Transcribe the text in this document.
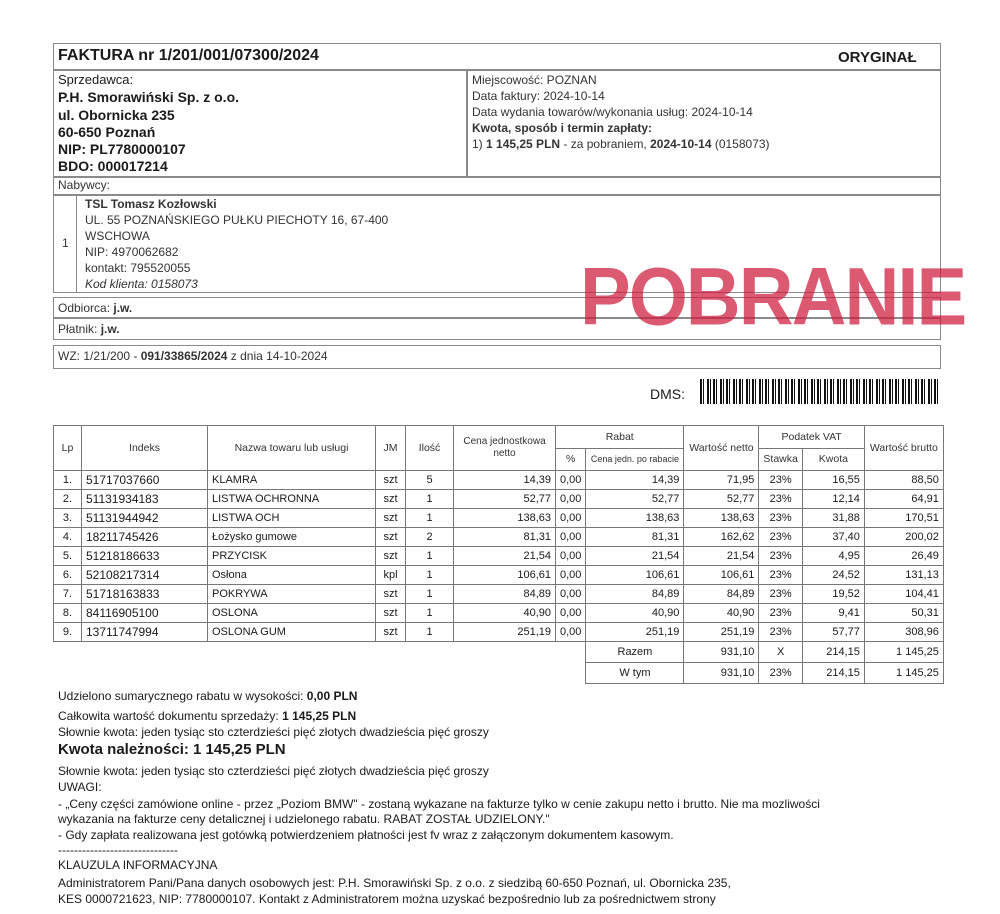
FAKTURA nr 1/201/001/07300/2024	ORYGINAŁ
Sprzedawca:
P.H. Smorawiński Sp. z o.o.
ul. Obornicka 235
60-650 Poznań
NIP: PL7780000107
BDO: 000017214
Miejscowość: POZNAN
Data faktury: 2024-10-14
Data wydania towarów/wykonania usług: 2024-10-14
Kwota, sposób i termin zapłaty:
1) 1 145,25 PLN - za pobraniem, 2024-10-14 (0158073)
Nabywcy:
1
TSL Tomasz Kozłowski
UL. 55 POZNAŃSKIEGO PUŁKU PIECHOTY 16, 67-400
WSCHOWA
NIP: 4970062682
kontakt: 795520055
Kod klienta: 0158073
Odbiorca: j.w.
Płatnik: j.w.
WZ: 1/21/200 - 091/33865/2024 z dnia 14-10-2024
POBRANIE
DMS:
Lp	Indeks	Nazwa towaru lub usługi	JM	Ilość	Cena jednostkowa netto	Rabat		Wartość netto	Podatek VAT		Wartość brutto
						%	Cena jedn. po rabacie		Stawka	Kwota	
1.	51717037660	KLAMRA	szt	5	14,39	0,00	14,39	71,95	23%	16,55	88,50
2.	51131934183	LISTWA OCHRONNA	szt	1	52,77	0,00	52,77	52,77	23%	12,14	64,91
3.	51131944942	LISTWA OCH	szt	1	138,63	0,00	138,63	138,63	23%	31,88	170,51
4.	18211745426	Łożysko gumowe	szt	2	81,31	0,00	81,31	162,62	23%	37,40	200,02
5.	51218186633	PRZYCISK	szt	1	21,54	0,00	21,54	21,54	23%	4,95	26,49
6.	52108217314	Osłona	kpl	1	106,61	0,00	106,61	106,61	23%	24,52	131,13
7.	51718163833	POKRYWA	szt	1	84,89	0,00	84,89	84,89	23%	19,52	104,41
8.	84116905100	OSLONA	szt	1	40,90	0,00	40,90	40,90	23%	9,41	50,31
9.	13711747994	OSLONA GUM	szt	1	251,19	0,00	251,19	251,19	23%	57,77	308,96
							Razem	931,10	X	214,15	1 145,25
							W tym	931,10	23%	214,15	1 145,25
Udzielono sumarycznego rabatu w wysokości: 0,00 PLN
Całkowita wartość dokumentu sprzedaży: 1 145,25 PLN
Słownie kwota: jeden tysiąc sto czterdzieści pięć złotych dwadzieścia pięć groszy
Kwota należności: 1 145,25 PLN
Słownie kwota: jeden tysiąc sto czterdzieści pięć złotych dwadzieścia pięć groszy
UWAGI:
- „Ceny części zamówione online - przez „Poziom BMW" - zostaną wykazane na fakturze tylko w cenie zakupu netto i brutto. Nie ma mozliwości
wykazania na fakturze ceny detalicznej i udzielonego rabatu. RABAT ZOSTAŁ UDZIELONY."
- Gdy zapłata realizowana jest gotówką potwierdzeniem płatności jest fv wraz z załączonym dokumentem kasowym.
------------------------------
KLAUZULA INFORMACYJNA
Administratorem Pani/Pana danych osobowych jest: P.H. Smorawiński Sp. z o.o. z siedzibą 60-650 Poznań, ul. Obornicka 235,
KES 0000721623, NIP: 7780000107. Kontakt z Administratorem można uzyskać bezpośrednio lub za pośrednictwem strony
